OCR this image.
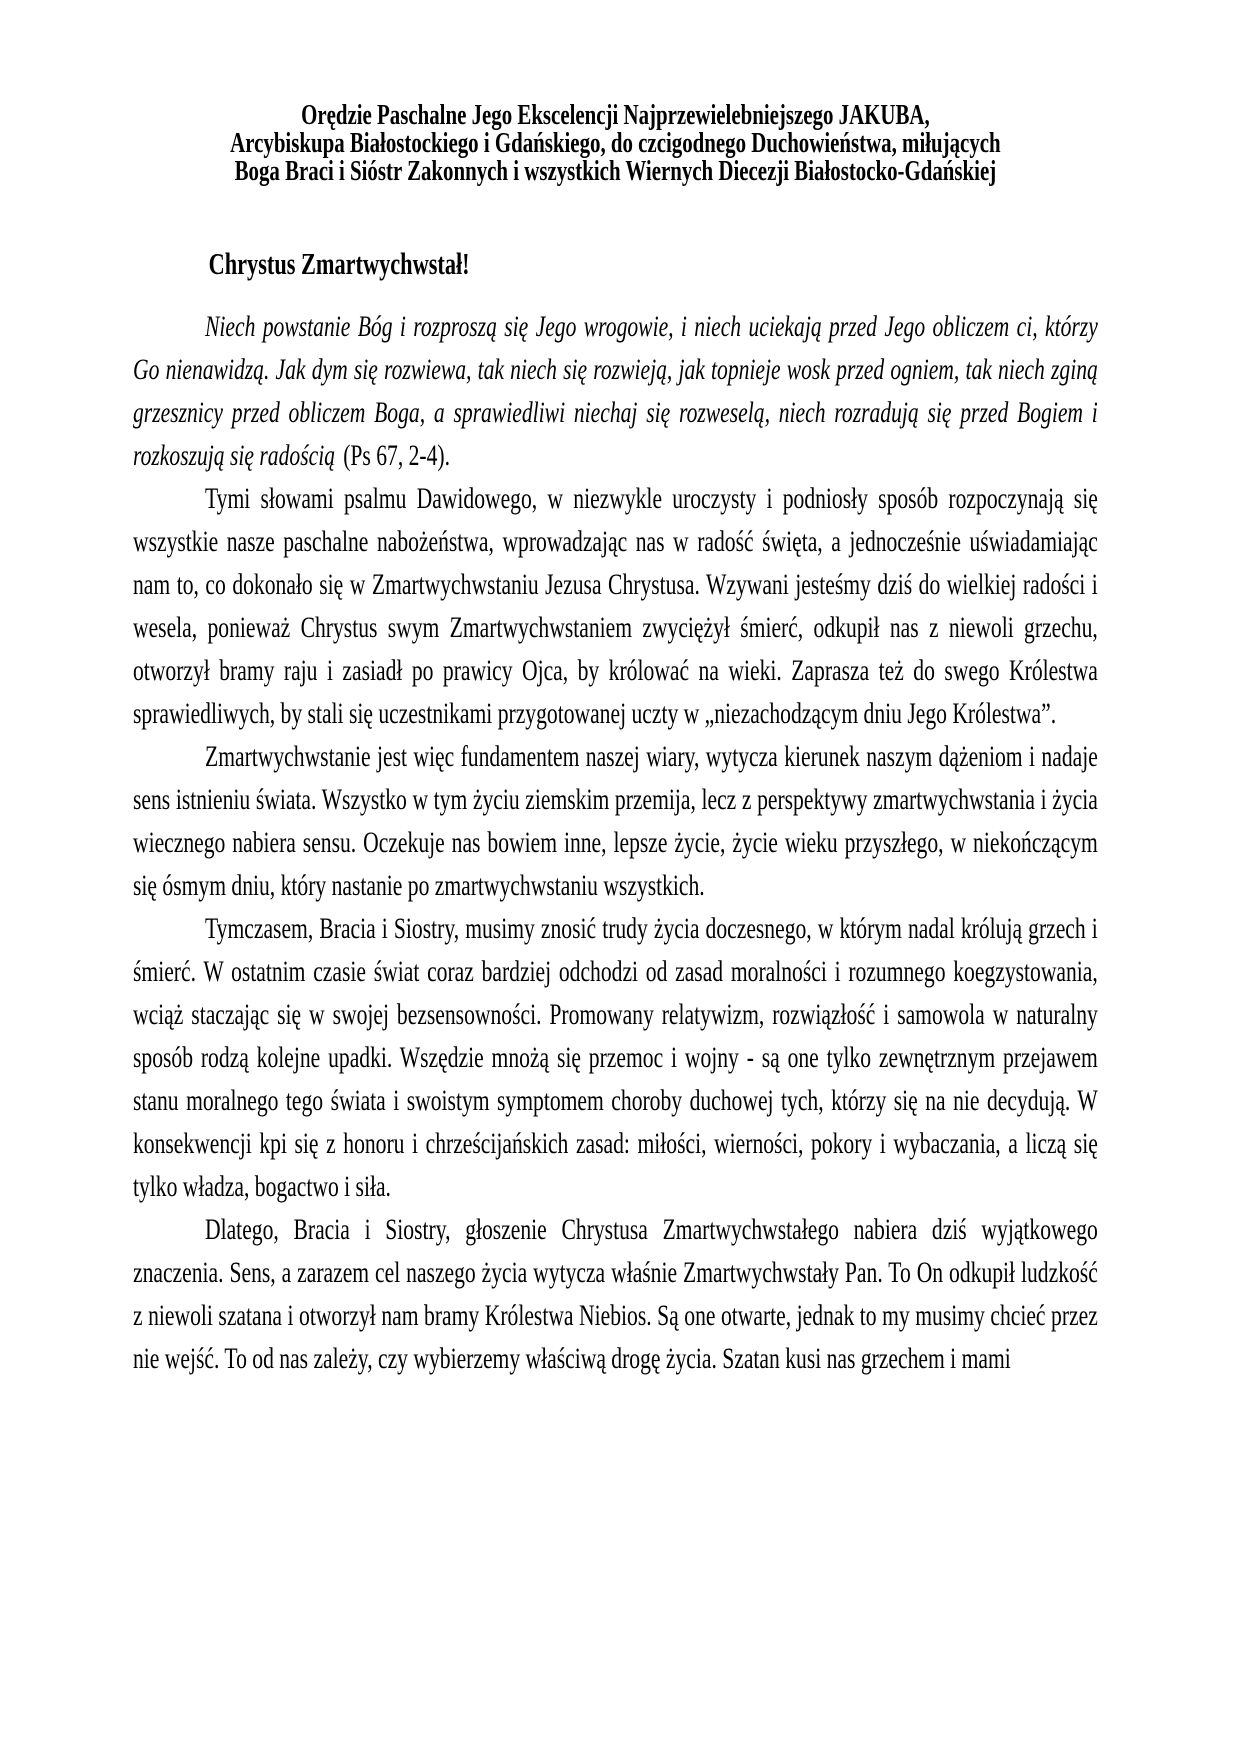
Orędzie Paschalne Jego Ekscelencji Najprzewielebniejszego JAKUBA,
Arcybiskupa Białostockiego i Gdańskiego, do czcigodnego Duchowieństwa, miłujących
Boga Braci i Sióstr Zakonnych i wszystkich Wiernych Diecezji Białostocko-Gdańskiej
Chrystus Zmartwychwstał!

Niech powstanie Bóg i rozproszą się Jego wrogowie, i niech uciekają przed Jego obliczem ci, którzy Go nienawidzą. Jak dym się rozwiewa, tak niech się rozwieją, jak topnieje wosk przed ogniem, tak niech zginą grzesznicy przed obliczem Boga, a sprawiedliwi niechaj się rozweselą, niech rozradują się przed Bogiem i rozkoszują się radością (Ps 67, 2-4).

Tymi słowami psalmu Dawidowego, w niezwykle uroczysty i podniosły sposób rozpoczynają się wszystkie nasze paschalne nabożeństwa, wprowadzając nas w radość święta, a jednocześnie uświadamiając nam to, co dokonało się w Zmartwychwstaniu Jezusa Chrystusa. Wzywani jesteśmy dziś do wielkiej radości i wesela, ponieważ Chrystus swym Zmartwychwstaniem zwyciężył śmierć, odkupił nas z niewoli grzechu, otworzył bramy raju i zasiadł po prawicy Ojca, by królować na wieki. Zaprasza też do swego Królestwa sprawiedliwych, by stali się uczestnikami przygotowanej uczty w „niezachodzącym dniu Jego Królestwa”.

Zmartwychwstanie jest więc fundamentem naszej wiary, wytycza kierunek naszym dążeniom i nadaje sens istnieniu świata. Wszystko w tym życiu ziemskim przemija, lecz z perspektywy zmartwychwstania i życia wiecznego nabiera sensu. Oczekuje nas bowiem inne, lepsze życie, życie wieku przyszłego, w niekończącym się ósmym dniu, który nastanie po zmartwychwstaniu wszystkich.

Tymczasem, Bracia i Siostry, musimy znosić trudy życia doczesnego, w którym nadal królują grzech i śmierć. W ostatnim czasie świat coraz bardziej odchodzi od zasad moralności i rozumnego koegzystowania, wciąż staczając się w swojej bezsensowności. Promowany relatywizm, rozwiązłość i samowola w naturalny sposób rodzą kolejne upadki. Wszędzie mnożą się przemoc i wojny - są one tylko zewnętrznym przejawem stanu moralnego tego świata i swoistym symptomem choroby duchowej tych, którzy się na nie decydują. W konsekwencji kpi się z honoru i chrześcijańskich zasad: miłości, wierności, pokory i wybaczania, a liczą się tylko władza, bogactwo i siła.

Dlatego, Bracia i Siostry, głoszenie Chrystusa Zmartwychwstałego nabiera dziś wyjątkowego znaczenia. Sens, a zarazem cel naszego życia wytycza właśnie Zmartwychwstały Pan. To On odkupił ludzkość z niewoli szatana i otworzył nam bramy Królestwa Niebios. Są one otwarte, jednak to my musimy chcieć przez nie wejść. To od nas zależy, czy wybierzemy właściwą drogę życia. Szatan kusi nas grzechem i mami
